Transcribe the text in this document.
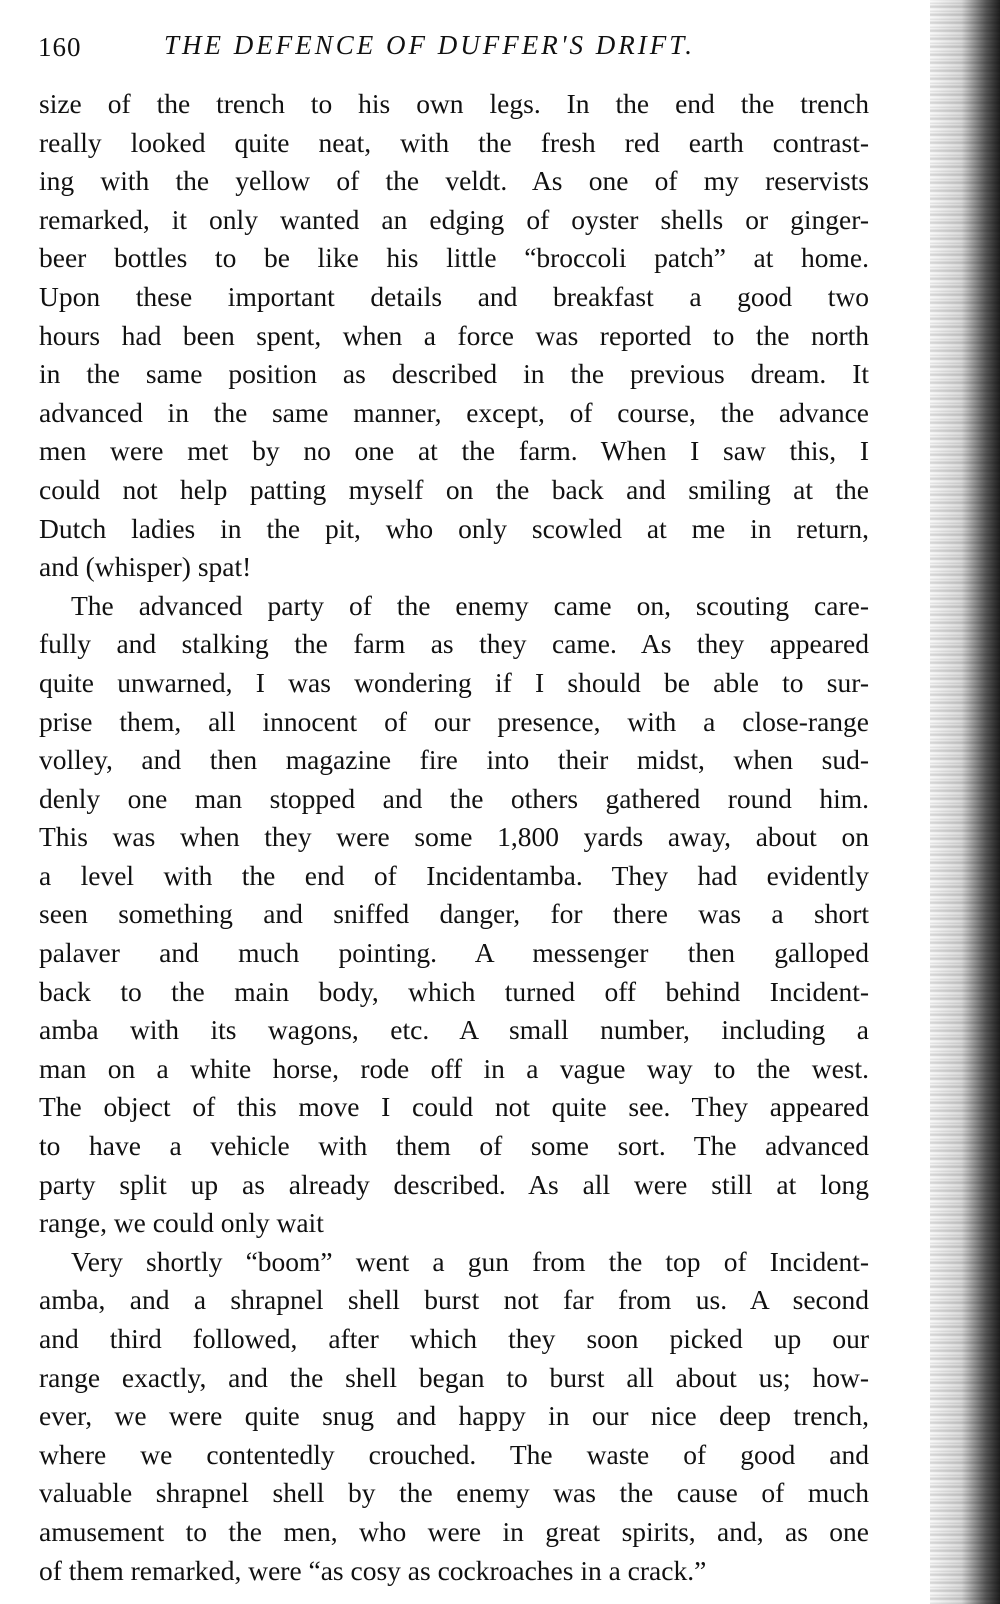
160	THE DEFENCE OF DUFFER'S DRIFT.
size of the trench to his own legs. In the end the trench
really looked quite neat, with the fresh red earth contrast-
ing with the yellow of the veldt. As one of my reservists
remarked, it only wanted an edging of oyster shells or ginger-
beer bottles to be like his little “broccoli patch” at home.
Upon these important details and breakfast a good two
hours had been spent, when a force was reported to the north
in the same position as described in the previous dream. It
advanced in the same manner, except, of course, the advance
men were met by no one at the farm. When I saw this, I
could not help patting myself on the back and smiling at the
Dutch ladies in the pit, who only scowled at me in return,
and (whisper) spat!
The advanced party of the enemy came on, scouting care-
fully and stalking the farm as they came. As they appeared
quite unwarned, I was wondering if I should be able to sur-
prise them, all innocent of our presence, with a close-range
volley, and then magazine fire into their midst, when sud-
denly one man stopped and the others gathered round him.
This was when they were some 1,800 yards away, about on
a level with the end of Incidentamba. They had evidently
seen something and sniffed danger, for there was a short
palaver and much pointing. A messenger then galloped
back to the main body, which turned off behind Incident-
amba with its wagons, etc. A small number, including a
man on a white horse, rode off in a vague way to the west.
The object of this move I could not quite see. They appeared
to have a vehicle with them of some sort. The advanced
party split up as already described. As all were still at long
range, we could only wait
Very shortly “boom” went a gun from the top of Incident-
amba, and a shrapnel shell burst not far from us. A second
and third followed, after which they soon picked up our
range exactly, and the shell began to burst all about us; how-
ever, we were quite snug and happy in our nice deep trench,
where we contentedly crouched. The waste of good and
valuable shrapnel shell by the enemy was the cause of much
amusement to the men, who were in great spirits, and, as one
of them remarked, were “as cosy as cockroaches in a crack.”
